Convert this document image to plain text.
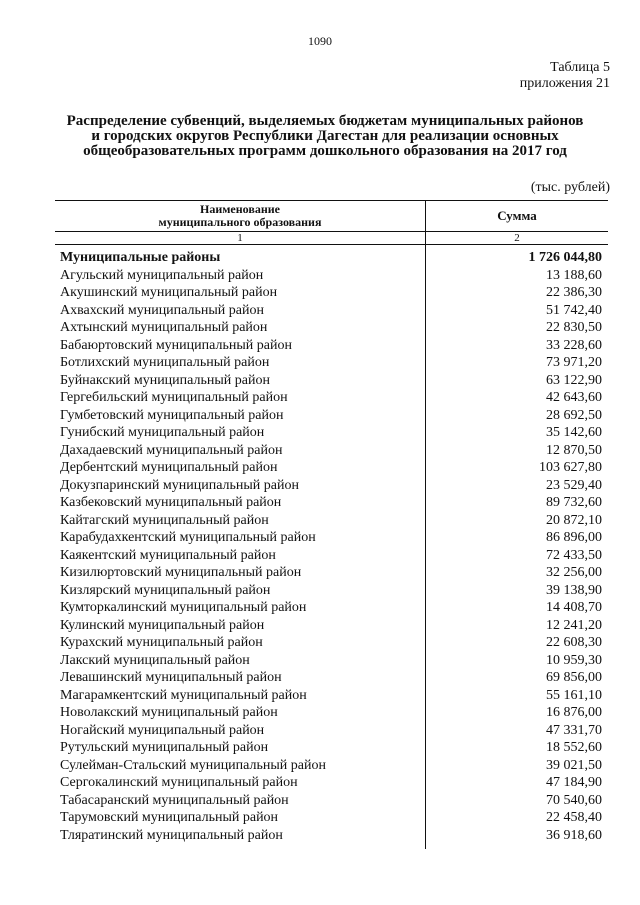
1090
Таблица 5
приложения 21
Распределение субвенций, выделяемых бюджетам муниципальных районов
и городских округов Республики Дагестан для реализации основных
общеобразовательных программ дошкольного образования на 2017 год
(тыс. рублей)
Наименование
муниципального образования	Сумма
1	2
Муниципальные районы	1 726 044,80
Агульский муниципальный район	13 188,60
Акушинский муниципальный район	22 386,30
Ахвахский муниципальный район	51 742,40
Ахтынский муниципальный район	22 830,50
Бабаюртовский муниципальный район	33 228,60
Ботлихский муниципальный район	73 971,20
Буйнакский муниципальный район	63 122,90
Гергебильский муниципальный район	42 643,60
Гумбетовский муниципальный район	28 692,50
Гунибский муниципальный район	35 142,60
Дахадаевский муниципальный район	12 870,50
Дербентский муниципальный район	103 627,80
Докузпаринский муниципальный район	23 529,40
Казбековский муниципальный район	89 732,60
Кайтагский муниципальный район	20 872,10
Карабудахкентский муниципальный район	86 896,00
Каякентский муниципальный район	72 433,50
Кизилюртовский муниципальный район	32 256,00
Кизлярский муниципальный район	39 138,90
Кумторкалинский муниципальный район	14 408,70
Кулинский муниципальный район	12 241,20
Курахский муниципальный район	22 608,30
Лакский муниципальный район	10 959,30
Левашинский муниципальный район	69 856,00
Магарамкентский муниципальный район	55 161,10
Новолакский муниципальный район	16 876,00
Ногайский муниципальный район	47 331,70
Рутульский муниципальный район	18 552,60
Сулейман-Стальский муниципальный район	39 021,50
Сергокалинский муниципальный район	47 184,90
Табасаранский муниципальный район	70 540,60
Тарумовский муниципальный район	22 458,40
Тляратинский муниципальный район	36 918,60
